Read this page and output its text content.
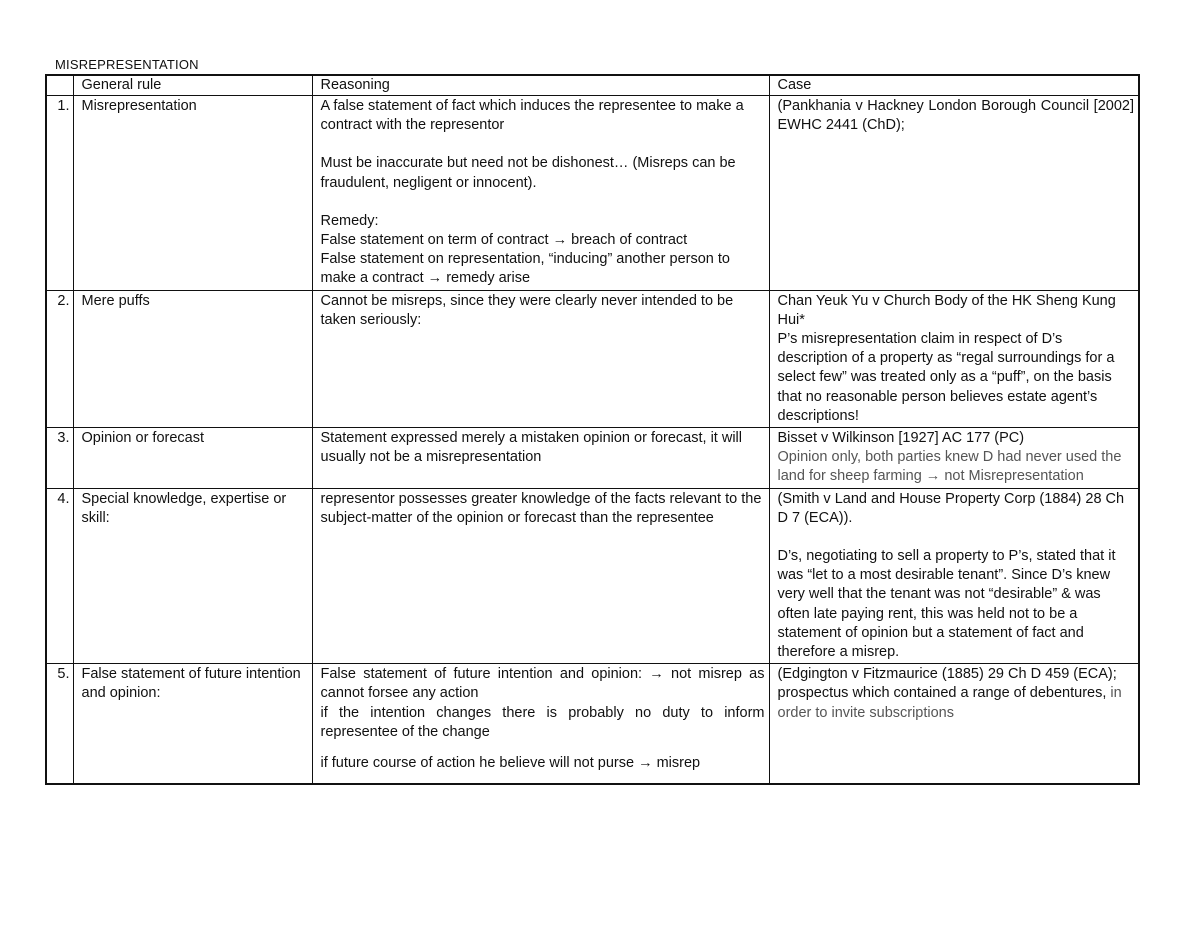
MISREPRESENTATION
	General rule	Reasoning	Case
1.	Misrepresentation	A false statement of fact which induces the representee to make a contract with the representor

Must be inaccurate but need not be dishonest… (Misreps can be fraudulent, negligent or innocent).

Remedy:

False statement on term of contract → breach of contract

False statement on representation, “inducing” another person to make a contract → remedy arise	(Pankhania v Hackney London Borough Council [2002] EWHC 2441 (ChD);

2.	Mere puffs	Cannot be misreps, since they were clearly never intended to be taken seriously:	Chan Yeuk Yu v Church Body of the HK Sheng Kung Hui*

P’s misrepresentation claim in respect of D’s description of a property as “regal surroundings for a select few” was treated only as a “puff”, on the basis that no reasonable person believes estate agent’s descriptions!

3.	Opinion or forecast	Statement expressed merely a mistaken opinion or forecast, it will usually not be a misrepresentation	Bisset v Wilkinson [1927] AC 177 (PC)

Opinion only, both parties knew D had never used the land for sheep farming → not Misrepresentation

4.	Special knowledge, expertise or skill:	representor possesses greater knowledge of the facts relevant to the subject-matter of the opinion or forecast than the representee	(Smith v Land and House Property Corp (1884) 28 Ch D 7 (ECA)).

D’s, negotiating to sell a property to P’s, stated that it was “let to a most desirable tenant”. Since D’s knew very well that the tenant was not “desirable” & was often late paying rent, this was held not to be a statement of opinion but a statement of fact and therefore a misrep.

5.	False statement of future intention and opinion:	False statement of future intention and opinion: → not misrep as cannot forsee any action

if the intention changes there is probably no duty to inform representee of the change

if future course of action he believe will not purse → misrep	(Edgington v Fitzmaurice (1885) 29 Ch D 459 (ECA); prospectus which contained a range of debentures, in order to invite subscriptions
